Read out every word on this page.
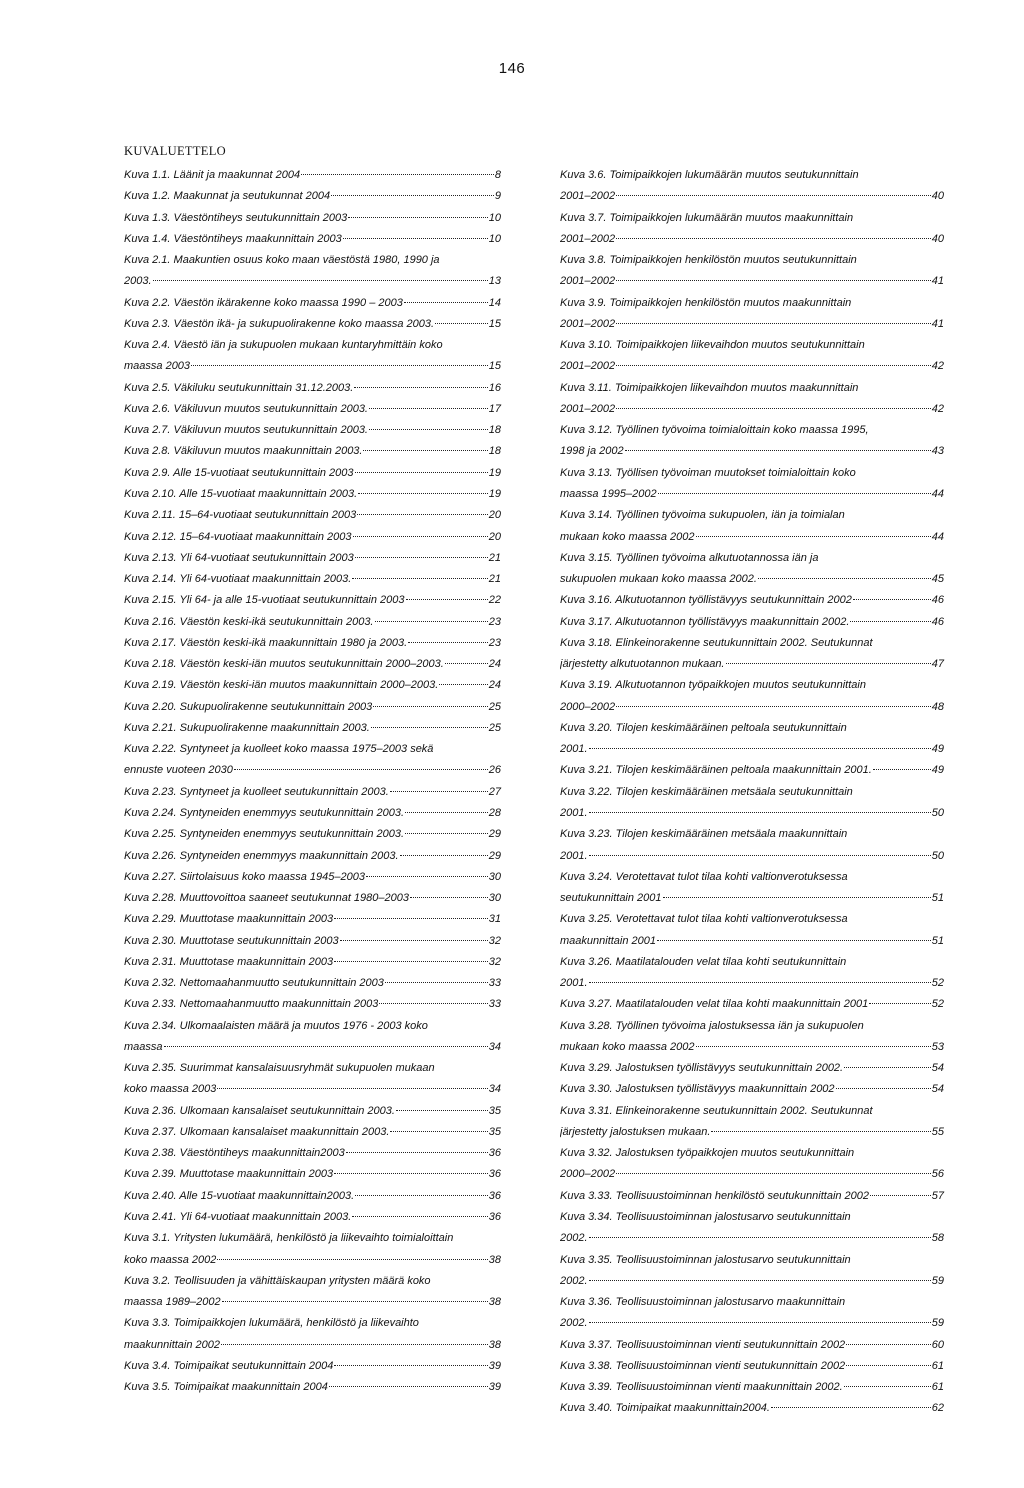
146
KUVALUETTELO
Kuva 1.1. Läänit ja maakunnat 2004	8
Kuva 1.2. Maakunnat ja seutukunnat 2004	9
Kuva 1.3. Väestöntiheys seutukunnittain 2003	10
Kuva 1.4. Väestöntiheys maakunnittain 2003	10
Kuva 2.1. Maakuntien osuus koko maan väestöstä 1980, 1990 ja
2003.	13
Kuva 2.2. Väestön ikärakenne koko maassa 1990 – 2003	14
Kuva 2.3. Väestön ikä- ja sukupuolirakenne koko maassa 2003.	15
Kuva 2.4. Väestö iän ja sukupuolen mukaan kuntaryhmittäin koko
maassa 2003	15
Kuva 2.5. Väkiluku seutukunnittain 31.12.2003.	16
Kuva 2.6. Väkiluvun muutos seutukunnittain 2003.	17
Kuva 2.7. Väkiluvun muutos seutukunnittain 2003.	18
Kuva 2.8. Väkiluvun muutos maakunnittain 2003.	18
Kuva 2.9. Alle 15-vuotiaat seutukunnittain 2003	19
Kuva 2.10. Alle 15-vuotiaat maakunnittain 2003.	19
Kuva 2.11. 15–64-vuotiaat seutukunnittain 2003	20
Kuva 2.12. 15–64-vuotiaat maakunnittain 2003	20
Kuva 2.13. Yli 64-vuotiaat seutukunnittain 2003	21
Kuva 2.14. Yli 64-vuotiaat maakunnittain 2003.	21
Kuva 2.15. Yli 64- ja alle 15-vuotiaat seutukunnittain 2003	22
Kuva 2.16. Väestön keski-ikä seutukunnittain 2003.	23
Kuva 2.17. Väestön keski-ikä maakunnittain 1980 ja 2003.	23
Kuva 2.18. Väestön keski-iän muutos seutukunnittain 2000–2003.	24
Kuva 2.19. Väestön keski-iän muutos maakunnittain 2000–2003.	24
Kuva 2.20. Sukupuolirakenne seutukunnittain 2003	25
Kuva 2.21. Sukupuolirakenne maakunnittain 2003.	25
Kuva 2.22. Syntyneet ja kuolleet koko maassa 1975–2003 sekä
ennuste vuoteen 2030	26
Kuva 2.23. Syntyneet ja kuolleet seutukunnittain 2003.	27
Kuva 2.24. Syntyneiden enemmyys seutukunnittain 2003.	28
Kuva 2.25. Syntyneiden enemmyys seutukunnittain 2003.	29
Kuva 2.26. Syntyneiden enemmyys maakunnittain 2003.	29
Kuva 2.27. Siirtolaisuus koko maassa 1945–2003	30
Kuva 2.28. Muuttovoittoa saaneet seutukunnat 1980–2003	30
Kuva 2.29. Muuttotase maakunnittain 2003	31
Kuva 2.30. Muuttotase seutukunnittain 2003	32
Kuva 2.31. Muuttotase maakunnittain 2003	32
Kuva 2.32. Nettomaahanmuutto seutukunnittain 2003	33
Kuva 2.33. Nettomaahanmuutto maakunnittain 2003	33
Kuva 2.34. Ulkomaalaisten määrä ja muutos 1976 - 2003 koko
maassa	34
Kuva 2.35. Suurimmat kansalaisuusryhmät sukupuolen mukaan
koko maassa 2003	34
Kuva 2.36. Ulkomaan kansalaiset seutukunnittain 2003.	35
Kuva 2.37. Ulkomaan kansalaiset maakunnittain 2003.	35
Kuva 2.38. Väestöntiheys maakunnittain2003	36
Kuva 2.39. Muuttotase maakunnittain 2003	36
Kuva 2.40. Alle 15-vuotiaat maakunnittain2003.	36
Kuva 2.41. Yli 64-vuotiaat maakunnittain 2003.	36
Kuva 3.1. Yritysten lukumäärä, henkilöstö ja liikevaihto toimialoittain
koko maassa 2002	38
Kuva 3.2. Teollisuuden ja vähittäiskaupan yritysten määrä koko
maassa 1989–2002	38
Kuva 3.3. Toimipaikkojen lukumäärä, henkilöstö ja liikevaihto
maakunnittain 2002	38
Kuva 3.4. Toimipaikat seutukunnittain 2004	39
Kuva 3.5. Toimipaikat maakunnittain 2004	39
Kuva 3.6. Toimipaikkojen lukumäärän muutos seutukunnittain
2001–2002	40
Kuva 3.7. Toimipaikkojen lukumäärän muutos maakunnittain
2001–2002	40
Kuva 3.8. Toimipaikkojen henkilöstön muutos seutukunnittain
2001–2002	41
Kuva 3.9. Toimipaikkojen henkilöstön muutos maakunnittain
2001–2002	41
Kuva 3.10. Toimipaikkojen liikevaihdon muutos seutukunnittain
2001–2002	42
Kuva 3.11. Toimipaikkojen liikevaihdon muutos maakunnittain
2001–2002	42
Kuva 3.12. Työllinen työvoima toimialoittain koko maassa 1995,
1998 ja 2002	43
Kuva 3.13. Työllisen työvoiman muutokset toimialoittain koko
maassa 1995–2002	44
Kuva 3.14. Työllinen työvoima sukupuolen, iän ja toimialan
mukaan koko maassa 2002	44
Kuva 3.15. Työllinen työvoima alkutuotannossa iän ja
sukupuolen mukaan koko maassa 2002.	45
Kuva 3.16. Alkutuotannon työllistävyys seutukunnittain 2002	46
Kuva 3.17. Alkutuotannon työllistävyys maakunnittain 2002.	46
Kuva 3.18. Elinkeinorakenne seutukunnittain 2002. Seutukunnat
järjestetty alkutuotannon mukaan.	47
Kuva 3.19. Alkutuotannon työpaikkojen muutos seutukunnittain
2000–2002	48
Kuva 3.20. Tilojen keskimääräinen peltoala seutukunnittain
2001.	49
Kuva 3.21. Tilojen keskimääräinen peltoala maakunnittain 2001.	49
Kuva 3.22. Tilojen keskimääräinen metsäala seutukunnittain
2001.	50
Kuva 3.23. Tilojen keskimääräinen metsäala maakunnittain
2001.	50
Kuva 3.24. Verotettavat tulot tilaa kohti valtionverotuksessa
seutukunnittain 2001	51
Kuva 3.25. Verotettavat tulot tilaa kohti valtionverotuksessa
maakunnittain 2001	51
Kuva 3.26. Maatilatalouden velat tilaa kohti seutukunnittain
2001.	52
Kuva 3.27. Maatilatalouden velat tilaa kohti maakunnittain 2001	52
Kuva 3.28. Työllinen työvoima jalostuksessa iän ja sukupuolen
mukaan koko maassa 2002	53
Kuva 3.29. Jalostuksen työllistävyys seutukunnittain 2002.	54
Kuva 3.30. Jalostuksen työllistävyys maakunnittain 2002	54
Kuva 3.31. Elinkeinorakenne seutukunnittain 2002. Seutukunnat
järjestetty jalostuksen mukaan.	55
Kuva 3.32. Jalostuksen työpaikkojen muutos seutukunnittain
2000–2002	56
Kuva 3.33. Teollisuustoiminnan henkilöstö seutukunnittain 2002	57
Kuva 3.34. Teollisuustoiminnan jalostusarvo seutukunnittain
2002.	58
Kuva 3.35. Teollisuustoiminnan jalostusarvo seutukunnittain
2002.	59
Kuva 3.36. Teollisuustoiminnan jalostusarvo maakunnittain
2002.	59
Kuva 3.37. Teollisuustoiminnan vienti seutukunnittain 2002	60
Kuva 3.38. Teollisuustoiminnan vienti seutukunnittain 2002	61
Kuva 3.39. Teollisuustoiminnan vienti maakunnittain 2002.	61
Kuva 3.40. Toimipaikat maakunnittain2004.	62
